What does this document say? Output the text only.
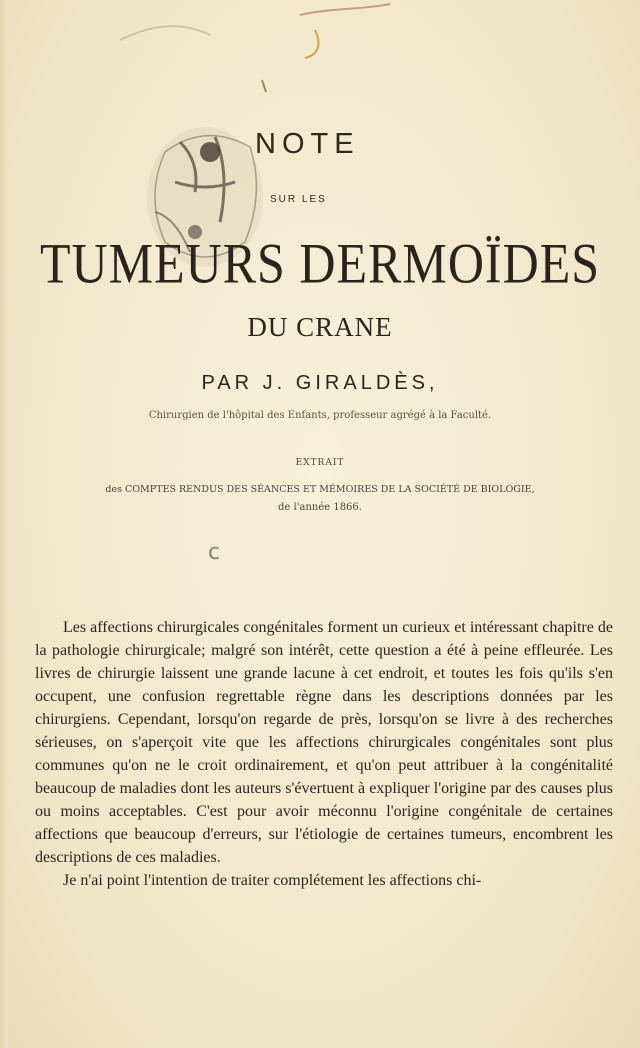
NOTE
SUR LES
TUMEURS DERMOÏDES
DU CRANE
PAR J. GIRALDÈS,
Chirurgien de l'hôpital des Enfants, professeur agrégé à la Faculté.
EXTRAIT
des COMPTES RENDUS DES SÉANCES ET MÉMOIRES DE LA SOCIÉTÉ DE BIOLOGIE,
de l'année 1866.
c

Les affections chirurgicales congénitales forment un curieux et intéressant chapitre de la pathologie chirurgicale; malgré son intérêt, cette question a été à peine effleurée. Les livres de chirurgie laissent une grande lacune à cet endroit, et toutes les fois qu'ils s'en occupent, une confusion regrettable règne dans les descriptions données par les chirurgiens. Cependant, lorsqu'on regarde de près, lorsqu'on se livre à des recherches sérieuses, on s'aperçoit vite que les affections chirurgicales congénitales sont plus communes qu'on ne le croit ordinairement, et qu'on peut attribuer à la congénitalité beaucoup de maladies dont les auteurs s'évertuent à expliquer l'origine par des causes plus ou moins acceptables. C'est pour avoir méconnu l'origine congénitale de certaines affections que beaucoup d'erreurs, sur l'étiologie de certaines tumeurs, encombrent les descriptions de ces maladies.

Je n'ai point l'intention de traiter complétement les affections chi-
